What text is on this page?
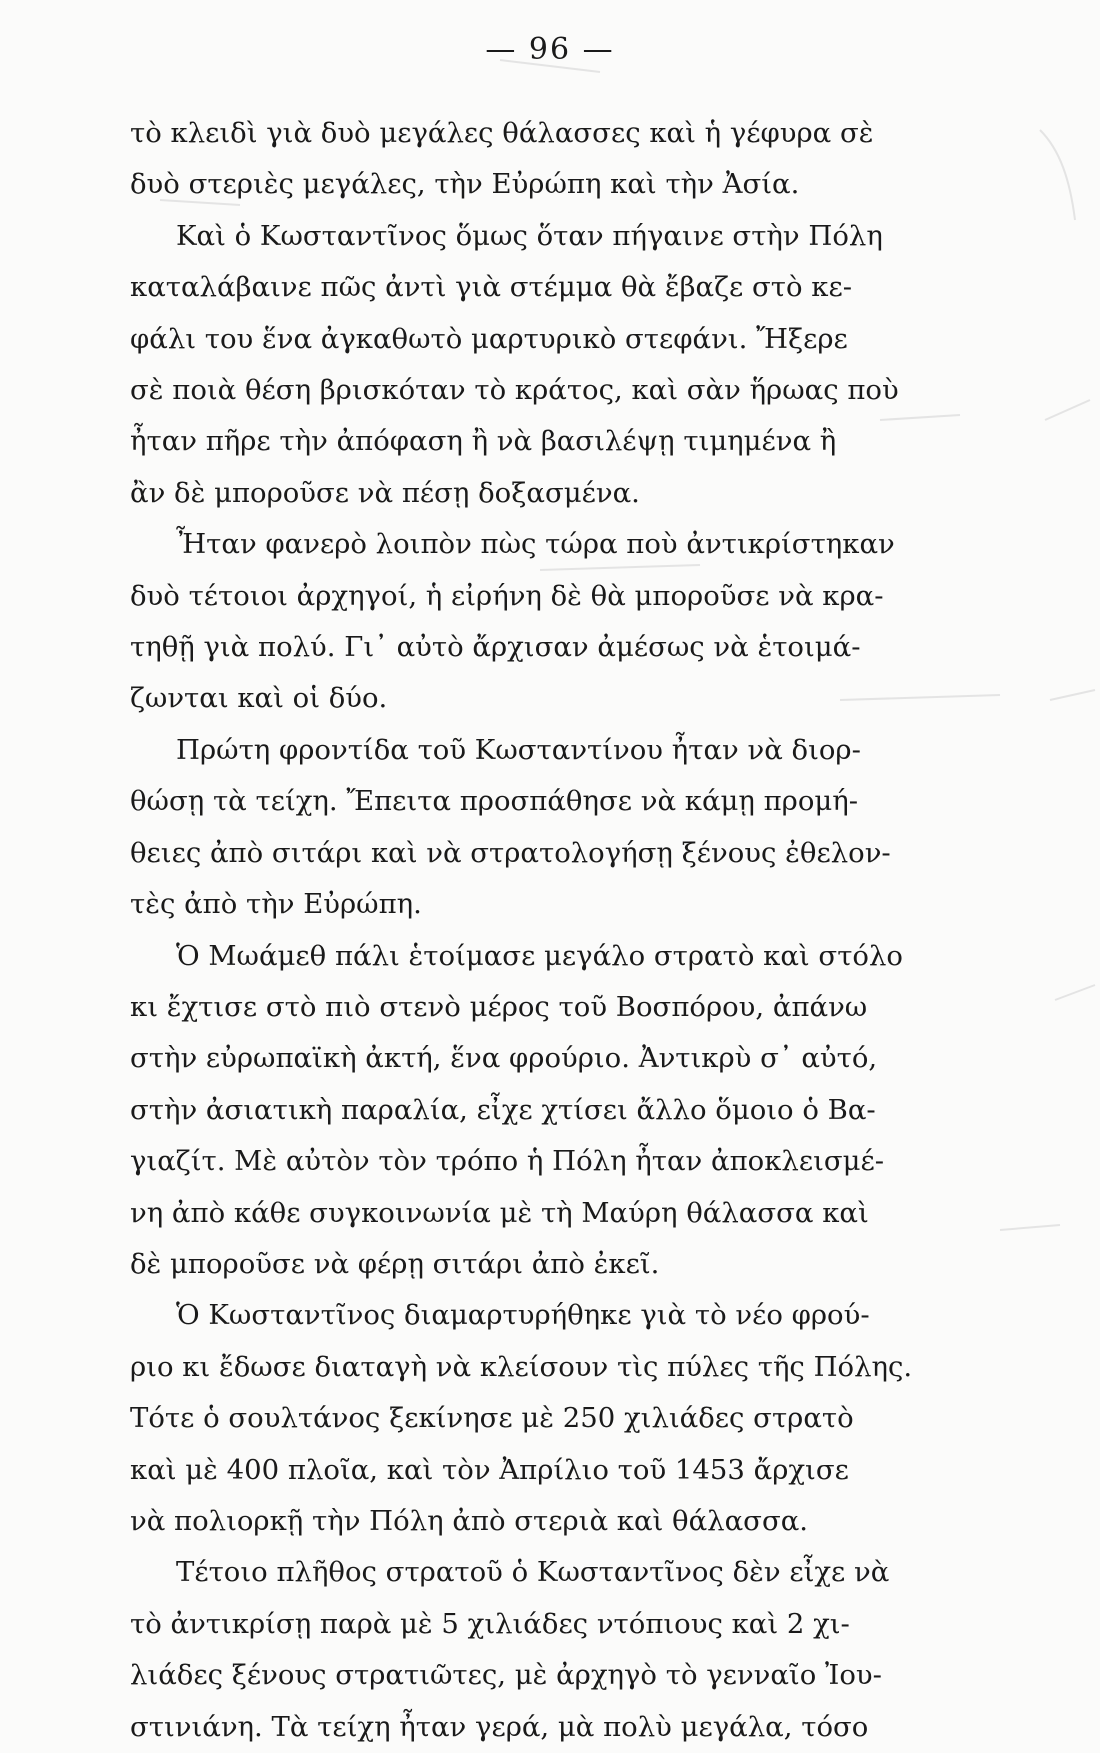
— 96 —
τὸ κλειδὶ γιὰ δυὸ μεγάλες θάλασσες καὶ ἡ γέφυρα σὲ
δυὸ στεριὲς μεγάλες, τὴν Εὐρώπη καὶ τὴν Ἀσία.
Καὶ ὁ Κωσταντῖνος ὅμως ὅταν πήγαινε στὴν Πόλη
καταλάβαινε πῶς ἀντὶ γιὰ στέμμα θὰ ἔβαζε στὸ κε-
φάλι του ἕνα ἀγκαθωτὸ μαρτυρικὸ στεφάνι. Ἤξερε
σὲ ποιὰ θέση βρισκόταν τὸ κράτος, καὶ σὰν ἥρωας ποὺ
ἦταν πῆρε τὴν ἀπόφαση ἢ νὰ βασιλέψῃ τιμημένα ἢ
ἂν δὲ μποροῦσε νὰ πέσῃ δοξασμένα.
Ἦταν φανερὸ λοιπὸν πὼς τώρα ποὺ ἀντικρίστηκαν
δυὸ τέτοιοι ἀρχηγοί, ἡ εἰρήνη δὲ θὰ μποροῦσε νὰ κρα-
τηθῇ γιὰ πολύ. Γι᾽ αὐτὸ ἄρχισαν ἀμέσως νὰ ἑτοιμά-
ζωνται καὶ οἱ δύο.
Πρώτη φροντίδα τοῦ Κωσταντίνου ἦταν νὰ διορ-
θώσῃ τὰ τείχη. Ἔπειτα προσπάθησε νὰ κάμῃ προμή-
θειες ἀπὸ σιτάρι καὶ νὰ στρατολογήσῃ ξένους ἐθελον-
τὲς ἀπὸ τὴν Εὐρώπη.
Ὁ Μωάμεθ πάλι ἑτοίμασε μεγάλο στρατὸ καὶ στόλο
κι ἔχτισε στὸ πιὸ στενὸ μέρος τοῦ Βοσπόρου, ἀπάνω
στὴν εὐρωπαϊκὴ ἀκτή, ἕνα φρούριο. Ἀντικρὺ σ᾽ αὐτό,
στὴν ἀσιατικὴ παραλία, εἶχε χτίσει ἄλλο ὅμοιο ὁ Βα-
γιαζίτ. Μὲ αὐτὸν τὸν τρόπο ἡ Πόλη ἦταν ἀποκλεισμέ-
νη ἀπὸ κάθε συγκοινωνία μὲ τὴ Μαύρη θάλασσα καὶ
δὲ μποροῦσε νὰ φέρῃ σιτάρι ἀπὸ ἐκεῖ.
Ὁ Κωσταντῖνος διαμαρτυρήθηκε γιὰ τὸ νέο φρού-
ριο κι ἔδωσε διαταγὴ νὰ κλείσουν τὶς πύλες τῆς Πόλης.
Τότε ὁ σουλτάνος ξεκίνησε μὲ 250 χιλιάδες στρατὸ
καὶ μὲ 400 πλοῖα, καὶ τὸν Ἀπρίλιο τοῦ 1453 ἄρχισε
νὰ πολιορκῇ τὴν Πόλη ἀπὸ στεριὰ καὶ θάλασσα.
Τέτοιο πλῆθος στρατοῦ ὁ Κωσταντῖνος δὲν εἶχε νὰ
τὸ ἀντικρίσῃ παρὰ μὲ 5 χιλιάδες ντόπιους καὶ 2 χι-
λιάδες ξένους στρατιῶτες, μὲ ἀρχηγὸ τὸ γενναῖο Ἰου-
στινιάνη. Τὰ τείχη ἦταν γερά, μὰ πολὺ μεγάλα, τόσο
